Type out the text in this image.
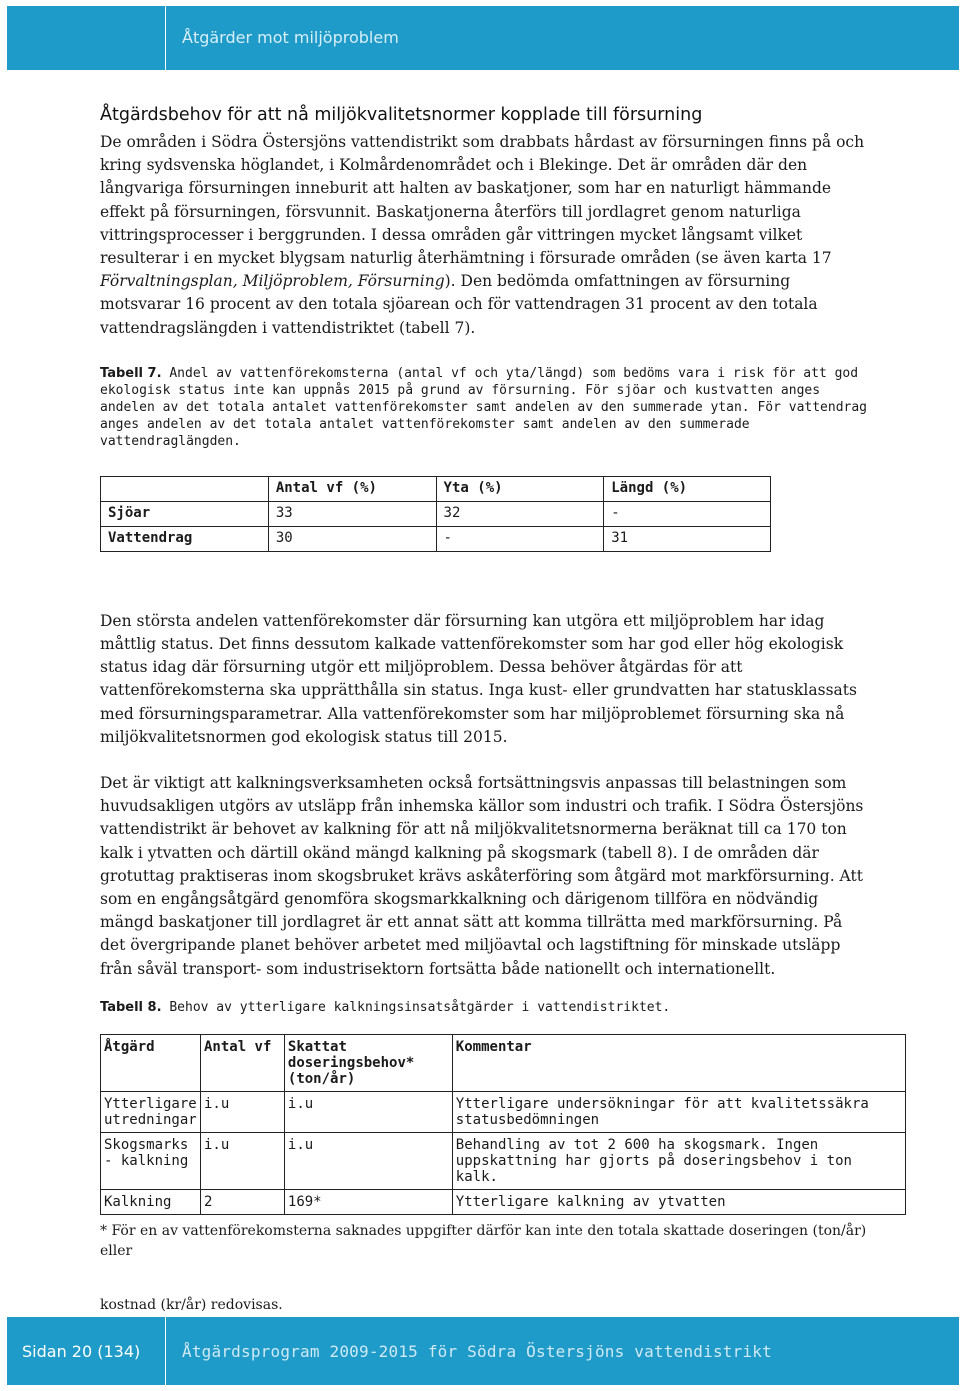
Åtgärder mot miljöproblem
Åtgärdsbehov för att nå miljökvalitetsnormer kopplade till försurning

De områden i Södra Östersjöns vattendistrikt som drabbats hårdast av försurningen finns på och kring sydsvenska höglandet, i Kolmårdenområdet och i Blekinge. Det är områden där den långvariga försurningen inneburit att halten av baskatjoner, som har en naturligt hämmande effekt på försurningen, försvunnit. Baskatjonerna återförs till jordlagret genom naturliga vittringsprocesser i berggrunden. I dessa områden går vittringen mycket långsamt vilket resulterar i en mycket blygsam naturlig återhämtning i försurade områden (se även karta 17 Förvaltningsplan, Miljöproblem, Försurning). Den bedömda omfattningen av försurning motsvarar 16 procent av den totala sjöarean och för vattendragen 31 procent av den totala vattendragslängden i vattendistriktet (tabell 7).

Tabell 7. Andel av vattenförekomsterna (antal vf och yta/längd) som bedöms vara i risk för att god ekologisk status inte kan uppnås 2015 på grund av försurning. För sjöar och kustvatten anges andelen av det totala antalet vattenförekomster samt andelen av den summerade ytan. För vattendrag anges andelen av det totala antalet vattenförekomster samt andelen av den summerade vattendraglängden.
	Antal vf (%)	Yta (%)	Längd (%)
Sjöar	33	32	-
Vattendrag	30	-	31

Den största andelen vattenförekomster där försurning kan utgöra ett miljöproblem har idag måttlig status. Det finns dessutom kalkade vattenförekomster som har god eller hög ekologisk status idag där försurning utgör ett miljöproblem. Dessa behöver åtgärdas för att vattenförekomsterna ska upprätthålla sin status. Inga kust- eller grundvatten har statusklassats med försurningsparametrar. Alla vattenförekomster som har miljöproblemet försurning ska nå miljökvalitetsnormen god ekologisk status till 2015.

Det är viktigt att kalkningsverksamheten också fortsättningsvis anpassas till belastningen som huvudsakligen utgörs av utsläpp från inhemska källor som industri och trafik. I Södra Östersjöns vattendistrikt är behovet av kalkning för att nå miljökvalitetsnormerna beräknat till ca 170 ton kalk i ytvatten och därtill okänd mängd kalkning på skogsmark (tabell 8). I de områden där grotuttag praktiseras inom skogsbruket krävs askåterföring som åtgärd mot markförsurning. Att som en engångsåtgärd genomföra skogsmarkkalkning och därigenom tillföra en nödvändig mängd baskatjoner till jordlagret är ett annat sätt att komma tillrätta med markförsurning. På det övergripande planet behöver arbetet med miljöavtal och lagstiftning för minskade utsläpp från såväl transport- som industrisektorn fortsätta både nationellt och internationellt.

Tabell 8. Behov av ytterligare kalkningsinsatsåtgärder i vattendistriktet.
Åtgärd	Antal vf	Skattat doseringsbehov* (ton/år)	Kommentar
Ytterligare utredningar	i.u	i.u	Ytterligare undersökningar för att kvalitetssäkra statusbedömningen
Skogsmarks - kalkning	i.u	i.u	Behandling av tot 2 600 ha skogsmark. Ingen uppskattning har gjorts på doseringsbehov i ton kalk.
Kalkning	2	169*	Ytterligare kalkning av ytvatten
* För en av vattenförekomsterna saknades uppgifter därför kan inte den totala skattade doseringen (ton/år) eller
kostnad (kr/år) redovisas.
Sidan 20 (134)	Åtgärdsprogram 2009-2015 för Södra Östersjöns vattendistrikt
